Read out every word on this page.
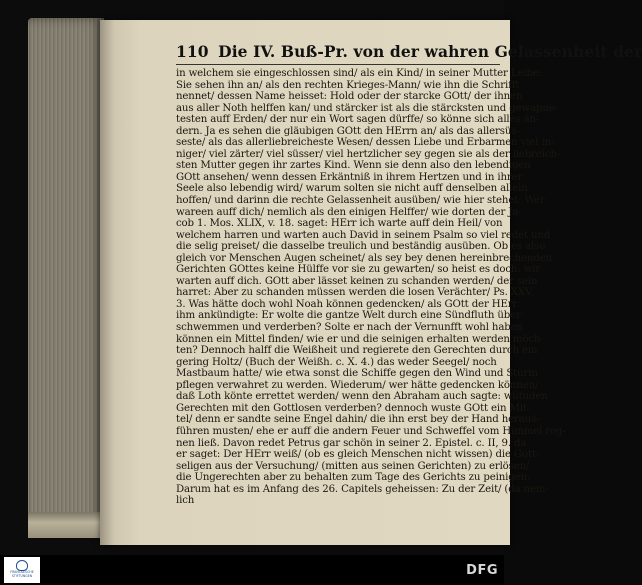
110 Die IV. Buß-Pr. von der wahren Gelassenheit der
in welchem sie eingeschlossen sind/ als ein Kind/ in seiner Mutter Leibe:
Sie sehen ihn an/ als den rechten Krieges-Mann/ wie ihn die Schrifft
nennet/ dessen Name heisset: Hold oder der starcke GOtt/ der ihnen
aus aller Noth helffen kan/ und stärcker ist als die stärcksten und gewapne-
testen auff Erden/ der nur ein Wort sagen dürffe/ so könne sich alles än-
dern. Ja es sehen die gläubigen GOtt den HErrn an/ als das allersüs-
seste/ als das allerliebreicheste Wesen/ dessen Liebe und Erbarmen viel in-
niger/ viel zärter/ viel süsser/ viel hertzlicher sey gegen sie als der liebreich-
sten Mutter gegen ihr zartes Kind. Wenn sie denn also den lebendigen
GOtt ansehen/ wenn dessen Erkäntniß in ihrem Hertzen und in ihrer
Seele also lebendig wird/ warum solten sie nicht auff denselben allein
hoffen/ und darinn die rechte Gelassenheit ausüben/ wie hier stehet: Wer
wareen auff dich/ nemlich als den einigen Helffer/ wie dorten der Ja-
cob 1. Mos. XLIX, v. 18. saget: HErr ich warte auff dein Heil/ von
welchem harren und warten auch David in seinem Psalm so viel redet und
die selig preiset/ die dasselbe treulich und beständig ausüben. Ob es also
gleich vor Menschen Augen scheinet/ als sey bey denen hereinbrechenden
Gerichten GOttes keine Hülffe vor sie zu gewarten/ so heist es doch: wir
warten auff dich. GOtt aber lässet keinen zu schanden werden/ der sein
harret: Aber zu schanden müssen werden die losen Verächter/ Ps. XXV,
3. Was hätte doch wohl Noah können gedencken/ als GOtt der HErr
ihm ankündigte: Er wolte die gantze Welt durch eine Sündfluth über-
schwemmen und verderben? Solte er nach der Vernunfft wohl haben
können ein Mittel finden/ wie er und die seinigen erhalten werden möch-
ten? Dennoch halff die Weißheit und regierete den Gerechten durch ein
gering Holtz/ (Buch der Weißh. c. X. 4.) das weder Seegel/ noch
Mastbaum hatte/ wie etwa sonst die Schiffe gegen den Wind und Sturm
pflegen verwahret zu werden. Wiederum/ wer hätte gedencken können/
daß Loth könte errettet werden/ wenn den Abraham auch sagte: wiltuden
Gerechten mit den Gottlosen verderben? dennoch wuste GOtt ein Mit-
tel/ denn er sandte seine Engel dahin/ die ihn erst bey der Hand heraus-
führen musten/ ehe er auff die andern Feuer und Schweffel vom Himmel reg-
nen ließ. Davon redet Petrus gar schön in seiner 2. Epistel. c. II, 9. da
er saget: Der HErr weiß/ (ob es gleich Menschen nicht wissen) die Gott-
seligen aus der Versuchung/ (mitten aus seinen Gerichten) zu erlösen/
die Ungerechten aber zu behalten zum Tage des Gerichts zu peinigen.
Darum hat es im Anfang des 26. Capitels geheissen: Zu der Zeit/ (da nem-
lich
FRANCKESCHE STIFTUNGEN	DFG
